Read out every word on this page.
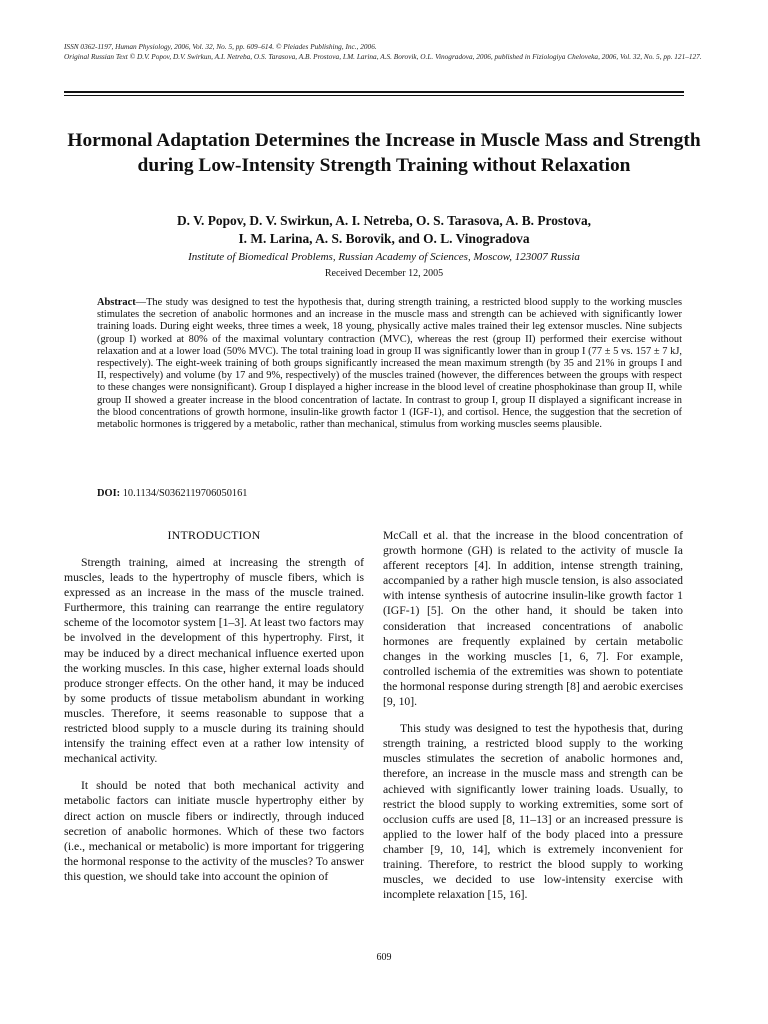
ISSN 0362-1197, Human Physiology, 2006, Vol. 32, No. 5, pp. 609–614. © Pleiades Publishing, Inc., 2006.
Original Russian Text © D.V. Popov, D.V. Swirkun, A.I. Netreba, O.S. Tarasova, A.B. Prostova, I.M. Larina, A.S. Borovik, O.L. Vinogradova, 2006, published in Fiziologiya Cheloveka, 2006, Vol. 32, No. 5, pp. 121–127.
Hormonal Adaptation Determines the Increase in Muscle Mass and Strength during Low-Intensity Strength Training without Relaxation
D. V. Popov, D. V. Swirkun, A. I. Netreba, O. S. Tarasova, A. B. Prostova,
I. M. Larina, A. S. Borovik, and O. L. Vinogradova
Institute of Biomedical Problems, Russian Academy of Sciences, Moscow, 123007 Russia
Received December 12, 2005
Abstract—The study was designed to test the hypothesis that, during strength training, a restricted blood supply to the working muscles stimulates the secretion of anabolic hormones and an increase in the muscle mass and strength can be achieved with significantly lower training loads. During eight weeks, three times a week, 18 young, physically active males trained their leg extensor muscles. Nine subjects (group I) worked at 80% of the maximal voluntary contraction (MVC), whereas the rest (group II) performed their exercise without relaxation and at a lower load (50% MVC). The total training load in group II was significantly lower than in group I (77 ± 5 vs. 157 ± 7 kJ, respectively). The eight-week training of both groups significantly increased the mean maximum strength (by 35 and 21% in groups I and II, respectively) and volume (by 17 and 9%, respectively) of the muscles trained (however, the differences between the groups with respect to these changes were nonsignificant). Group I displayed a higher increase in the blood level of creatine phosphokinase than group II, while group II showed a greater increase in the blood concentration of lactate. In contrast to group I, group II displayed a significant increase in the blood concentrations of growth hormone, insulin-like growth factor 1 (IGF-1), and cortisol. Hence, the suggestion that the secretion of metabolic hormones is triggered by a metabolic, rather than mechanical, stimulus from working muscles seems plausible.
DOI: 10.1134/S0362119706050161
INTRODUCTION

Strength training, aimed at increasing the strength of muscles, leads to the hypertrophy of muscle fibers, which is expressed as an increase in the mass of the muscle trained. Furthermore, this training can rearrange the entire regulatory scheme of the locomotor system [1–3]. At least two factors may be involved in the development of this hypertrophy. First, it may be induced by a direct mechanical influence exerted upon the working muscles. In this case, higher external loads should produce stronger effects. On the other hand, it may be induced by some products of tissue metabolism abundant in working muscles. Therefore, it seems reasonable to suppose that a restricted blood supply to a muscle during its training should intensify the training effect even at a rather low intensity of mechanical activity.

It should be noted that both mechanical activity and metabolic factors can initiate muscle hypertrophy either by direct action on muscle fibers or indirectly, through induced secretion of anabolic hormones. Which of these two factors (i.e., mechanical or metabolic) is more important for triggering the hormonal response to the activity of the muscles? To answer this question, we should take into account the opinion of

McCall et al. that the increase in the blood concentration of growth hormone (GH) is related to the activity of muscle Ia afferent receptors [4]. In addition, intense strength training, accompanied by a rather high muscle tension, is also associated with intense synthesis of autocrine insulin-like growth factor 1 (IGF-1) [5]. On the other hand, it should be taken into consideration that increased concentrations of anabolic hormones are frequently explained by certain metabolic changes in the working muscles [1, 6, 7]. For example, controlled ischemia of the extremities was shown to potentiate the hormonal response during strength [8] and aerobic exercises [9, 10].

This study was designed to test the hypothesis that, during strength training, a restricted blood supply to the working muscles stimulates the secretion of anabolic hormones and, therefore, an increase in the muscle mass and strength can be achieved with significantly lower training loads. Usually, to restrict the blood supply to working extremities, some sort of occlusion cuffs are used [8, 11–13] or an increased pressure is applied to the lower half of the body placed into a pressure chamber [9, 10, 14], which is extremely inconvenient for training. Therefore, to restrict the blood supply to working muscles, we decided to use low-intensity exercise with incomplete relaxation [15, 16].

609
